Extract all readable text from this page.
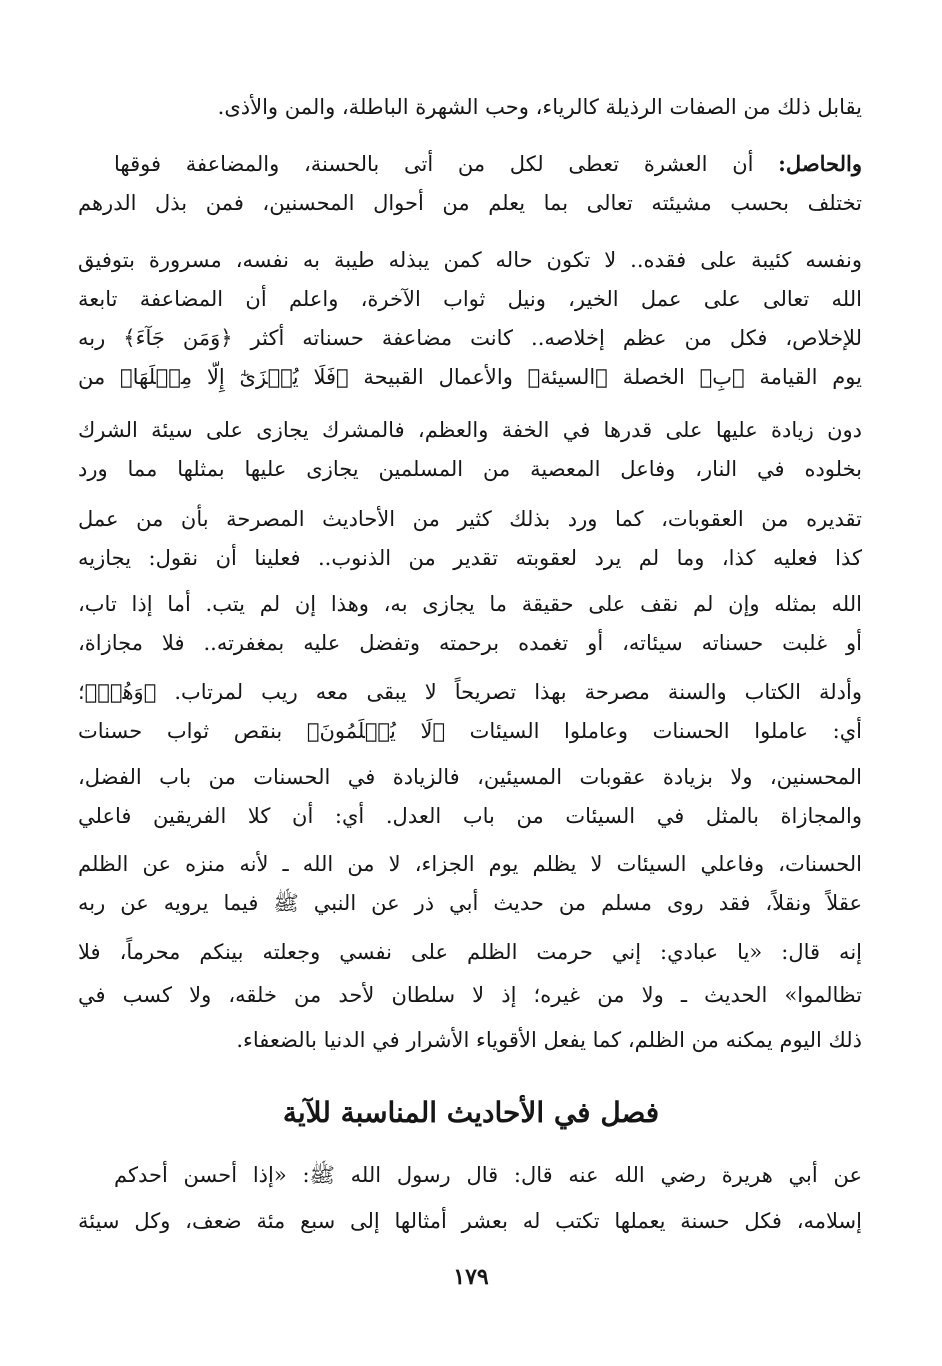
يقابل ذلك من الصفات الرذيلة كالرياء، وحب الشهرة الباطلة، والمن والأذى.
والحاصل: أن العشرة تعطى لكل من أتى بالحسنة، والمضاعفة فوقها
تختلف بحسب مشيئته تعالى بما يعلم من أحوال المحسنين، فمن بذل الدرهم
ونفسه كئيبة على فقده.. لا تكون حاله كمن يبذله طيبة به نفسه، مسرورة بتوفيق
الله تعالى على عمل الخير، ونيل ثواب الآخرة، واعلم أن المضاعفة تابعة
للإخلاص، فكل من عظم إخلاصه.. كانت مضاعفة حسناته أكثر ﴿وَمَن جَآءَ﴾ ربه
يوم القيامة ﴿بِ﴾ الخصلة ﴿السيئة﴾ والأعمال القبيحة ﴿فَلَا يُجۡزَىٰٓ إِلَّا مِثۡلَهَا﴾ من
دون زيادة عليها على قدرها في الخفة والعظم، فالمشرك يجازى على سيئة الشرك
بخلوده في النار، وفاعل المعصية من المسلمين يجازى عليها بمثلها مما ورد
تقديره من العقوبات، كما ورد بذلك كثير من الأحاديث المصرحة بأن من عمل
كذا فعليه كذا، وما لم يرد لعقوبته تقدير من الذنوب.. فعلينا أن نقول: يجازيه
الله بمثله وإن لم نقف على حقيقة ما يجازى به، وهذا إن لم يتب. أما إذا تاب،
أو غلبت حسناته سيئاته، أو تغمده برحمته وتفضل عليه بمغفرته.. فلا مجازاة،
وأدلة الكتاب والسنة مصرحة بهذا تصريحاً لا يبقى معه ريب لمرتاب. ﴿وَهُمۡ﴾؛
أي: عاملوا الحسنات وعاملوا السيئات ﴿لَا يُظۡلَمُونَ﴾ بنقص ثواب حسنات
المحسنين، ولا بزيادة عقوبات المسيئين، فالزيادة في الحسنات من باب الفضل،
والمجازاة بالمثل في السيئات من باب العدل. أي: أن كلا الفريقين فاعلي
الحسنات، وفاعلي السيئات لا يظلم يوم الجزاء، لا من الله ـ لأنه منزه عن الظلم
عقلاً ونقلاً، فقد روى مسلم من حديث أبي ذر عن النبي ﷺ فيما يرويه عن ربه
إنه قال: «يا عبادي: إني حرمت الظلم على نفسي وجعلته بينكم محرماً، فلا
تظالموا» الحديث ـ ولا من غيره؛ إذ لا سلطان لأحد من خلقه، ولا كسب في
ذلك اليوم يمكنه من الظلم، كما يفعل الأقوياء الأشرار في الدنيا بالضعفاء.
فصل في الأحاديث المناسبة للآية
عن أبي هريرة رضي الله عنه قال: قال رسول الله ﷺ: «إذا أحسن أحدكم
إسلامه، فكل حسنة يعملها تكتب له بعشر أمثالها إلى سبع مئة ضعف، وكل سيئة
١٧٩
